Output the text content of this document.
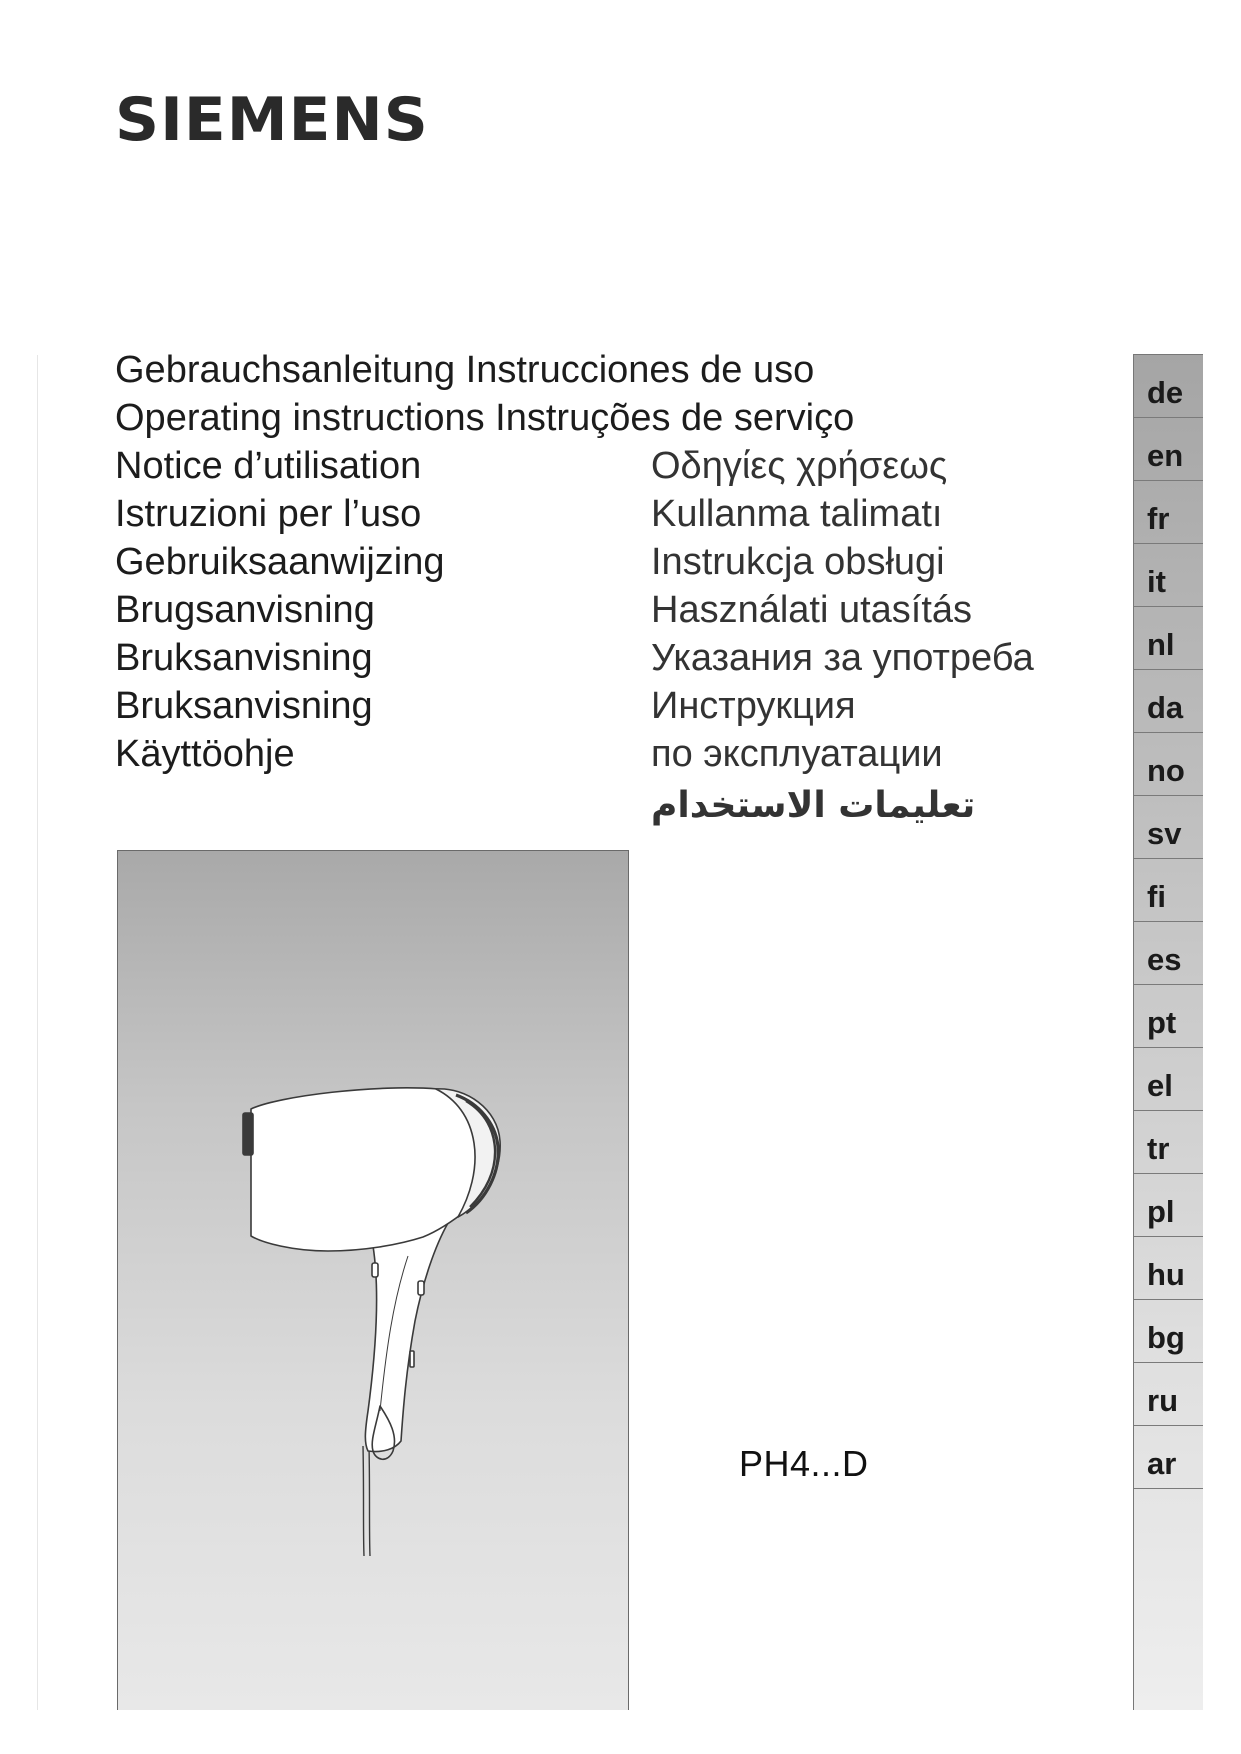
SIEMENS
Gebrauchsanleitung Instrucciones de uso
Operating instructions Instruções de serviço
Notice d’utilisation
Istruzioni per l’uso
Gebruiksaanwijzing
Brugsanvisning
Bruksanvisning
Bruksanvisning
Käyttöohje
Οδηγίες χρήσεως
Kullanma talimatı
Instrukcja obsługi
Használati utasítás
Указания за употреба
Инструкция
по эксплуатации
تعليمات الاستخدام
PH4...D
de
en
fr
it
nl
da
no
sv
fi
es
pt
el
tr
pl
hu
bg
ru
ar
